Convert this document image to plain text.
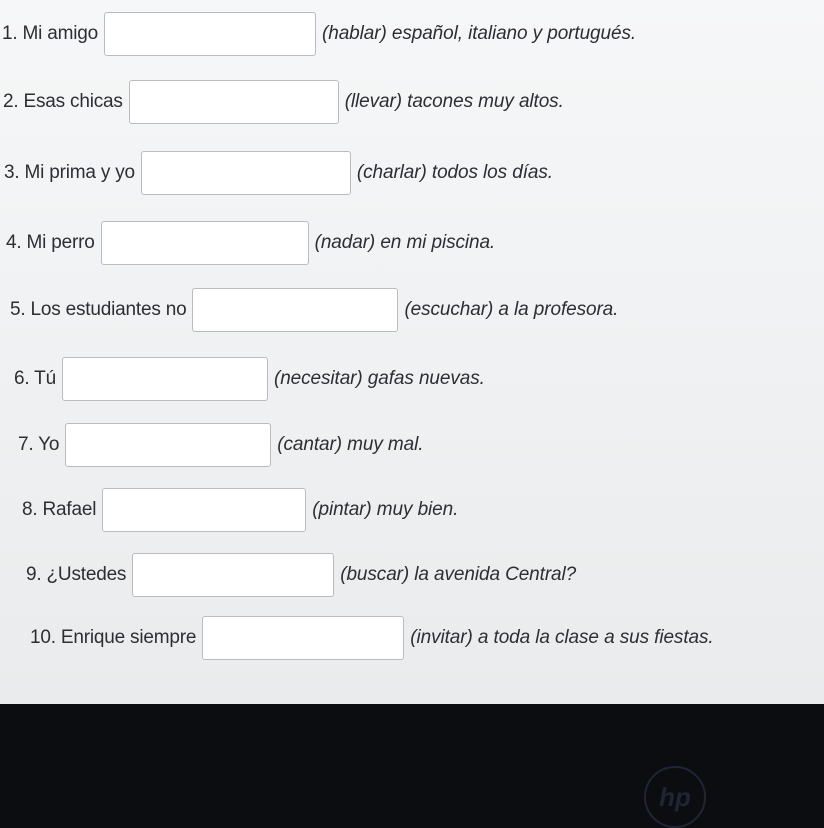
1. Mi amigo	(hablar) español, italiano y portugués.
2. Esas chicas	(llevar) tacones muy altos.
3. Mi prima y yo	(charlar) todos los días.
4. Mi perro	(nadar) en mi piscina.
5. Los estudiantes no	(escuchar) a la profesora.
6. Tú	(necesitar) gafas nuevas.
7. Yo	(cantar) muy mal.
8. Rafael	(pintar) muy bien.
9. ¿Ustedes	(buscar) la avenida Central?
10. Enrique siempre	(invitar) a toda la clase a sus fiestas.
hp
